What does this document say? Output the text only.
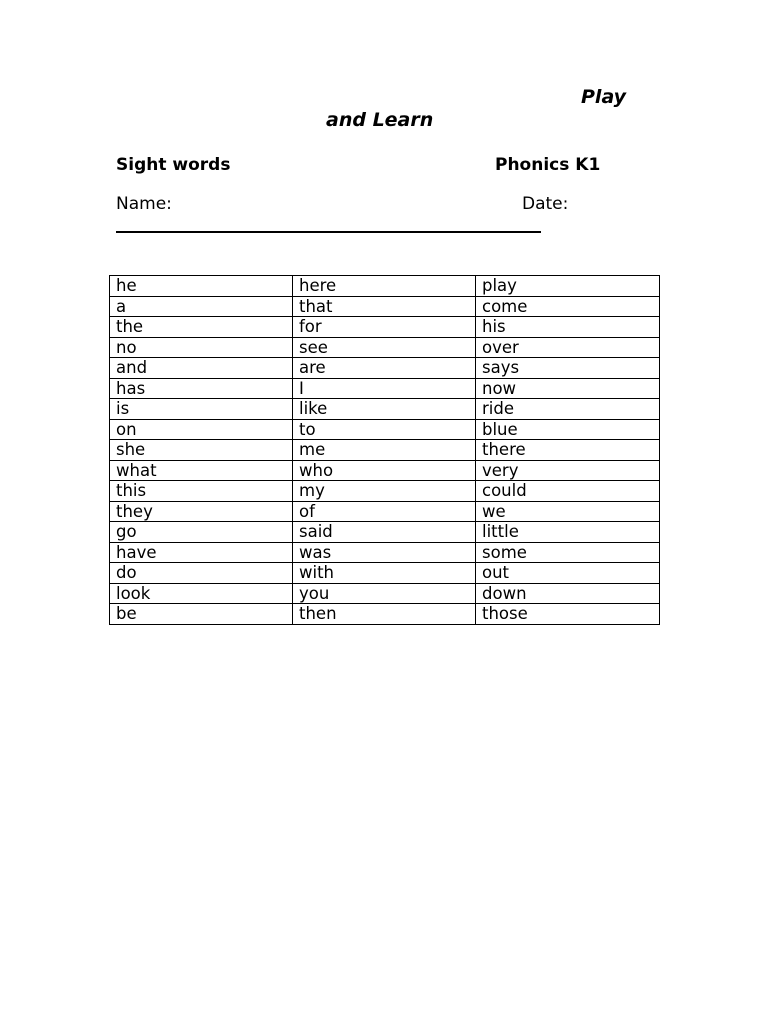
Play
and Learn
Sight words	Phonics K1
Name:	Date:
he	here	play
a	that	come
the	for	his
no	see	over
and	are	says
has	I	now
is	like	ride
on	to	blue
she	me	there
what	who	very
this	my	could
they	of	we
go	said	little
have	was	some
do	with	out
look	you	down
be	then	those
